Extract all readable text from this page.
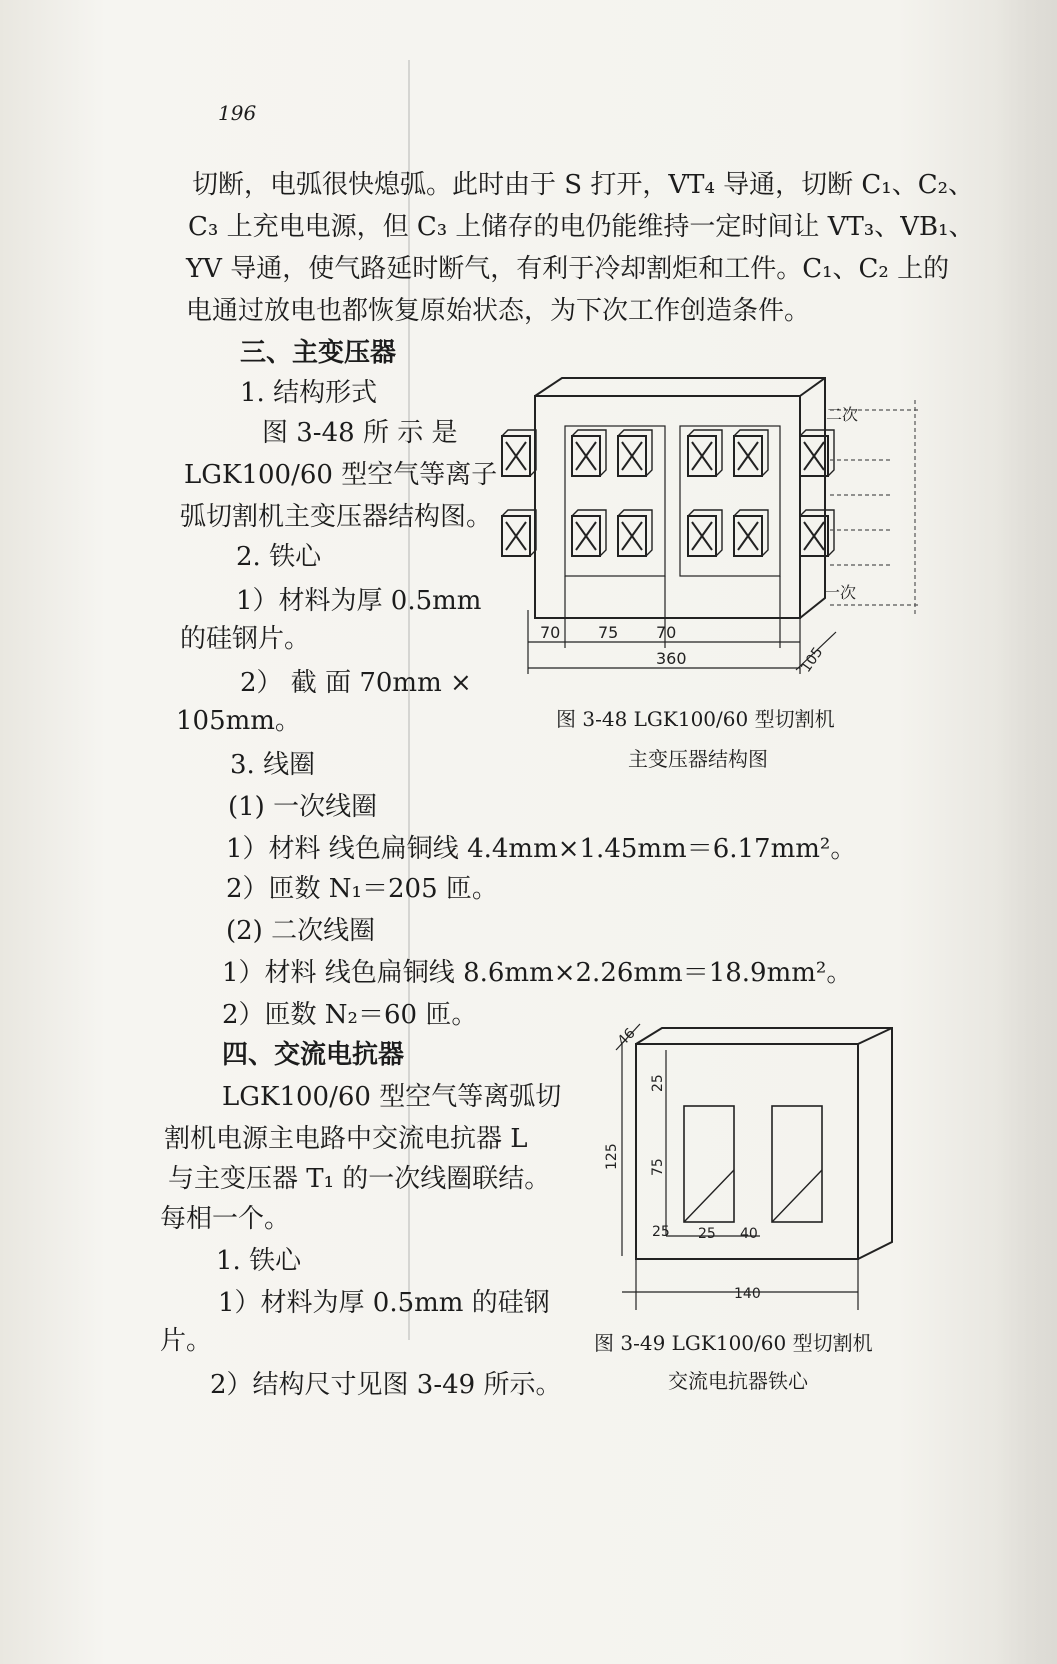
196
切断，电弧很快熄弧。此时由于 S 打开，VT₄ 导通，切断 C₁、C₂、
C₃ 上充电电源，但 C₃ 上储存的电仍能维持一定时间让 VT₃、VB₁、
YV 导通，使气路延时断气，有利于冷却割炬和工件。C₁、C₂ 上的
电通过放电也都恢复原始状态，为下次工作创造条件。
三、主变压器
1. 结构形式
图 3-48 所 示 是
LGK100/60 型空气等离子
弧切割机主变压器结构图。
2. 铁心
1）材料为厚 0.5mm
的硅钢片。
2） 截 面 70mm ×
105mm。
3. 线圈
(1) 一次线圈
1）材料 线色扁铜线 4.4mm×1.45mm＝6.17mm²。
2）匝数 N₁＝205 匝。
(2) 二次线圈
1）材料 线色扁铜线 8.6mm×2.26mm＝18.9mm²。
2）匝数 N₂＝60 匝。
四、交流电抗器
LGK100/60 型空气等离弧切
割机电源主电路中交流电抗器 L
与主变压器 T₁ 的一次线圈联结。
每相一个。
1. 铁心
1）材料为厚 0.5mm 的硅钢
片。
2）结构尺寸见图 3-49 所示。
70 75 70
360	105
二次
一次
图 3-48 LGK100/60 型切割机
主变压器结构图
46
25
125 75
25 25 40
140
图 3-49 LGK100/60 型切割机
交流电抗器铁心
